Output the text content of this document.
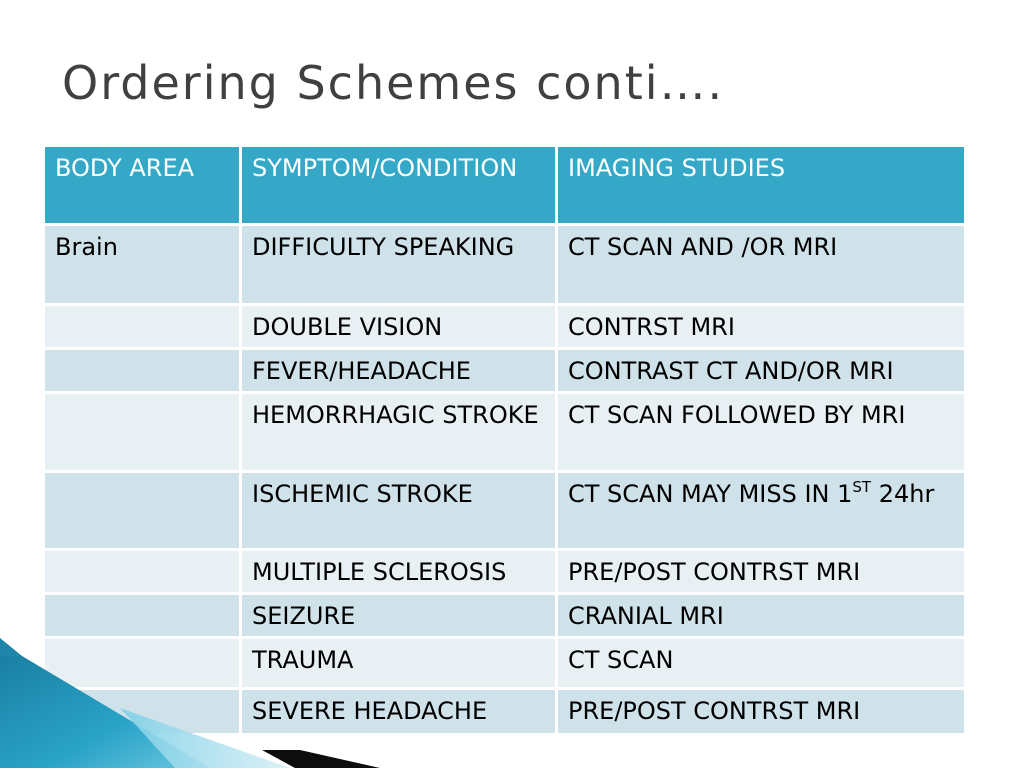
Ordering Schemes conti….
BODY AREA	SYMPTOM/CONDITION	IMAGING STUDIES
Brain	DIFFICULTY SPEAKING	CT SCAN AND /OR MRI
	DOUBLE VISION	CONTRST MRI
	FEVER/HEADACHE	CONTRAST CT AND/OR MRI
	HEMORRHAGIC STROKE	CT SCAN FOLLOWED BY MRI
	ISCHEMIC STROKE	CT SCAN MAY MISS IN 1ST 24hr
	MULTIPLE SCLEROSIS	PRE/POST CONTRST MRI
	SEIZURE	CRANIAL MRI
	TRAUMA	CT SCAN
	SEVERE HEADACHE	PRE/POST CONTRST MRI
